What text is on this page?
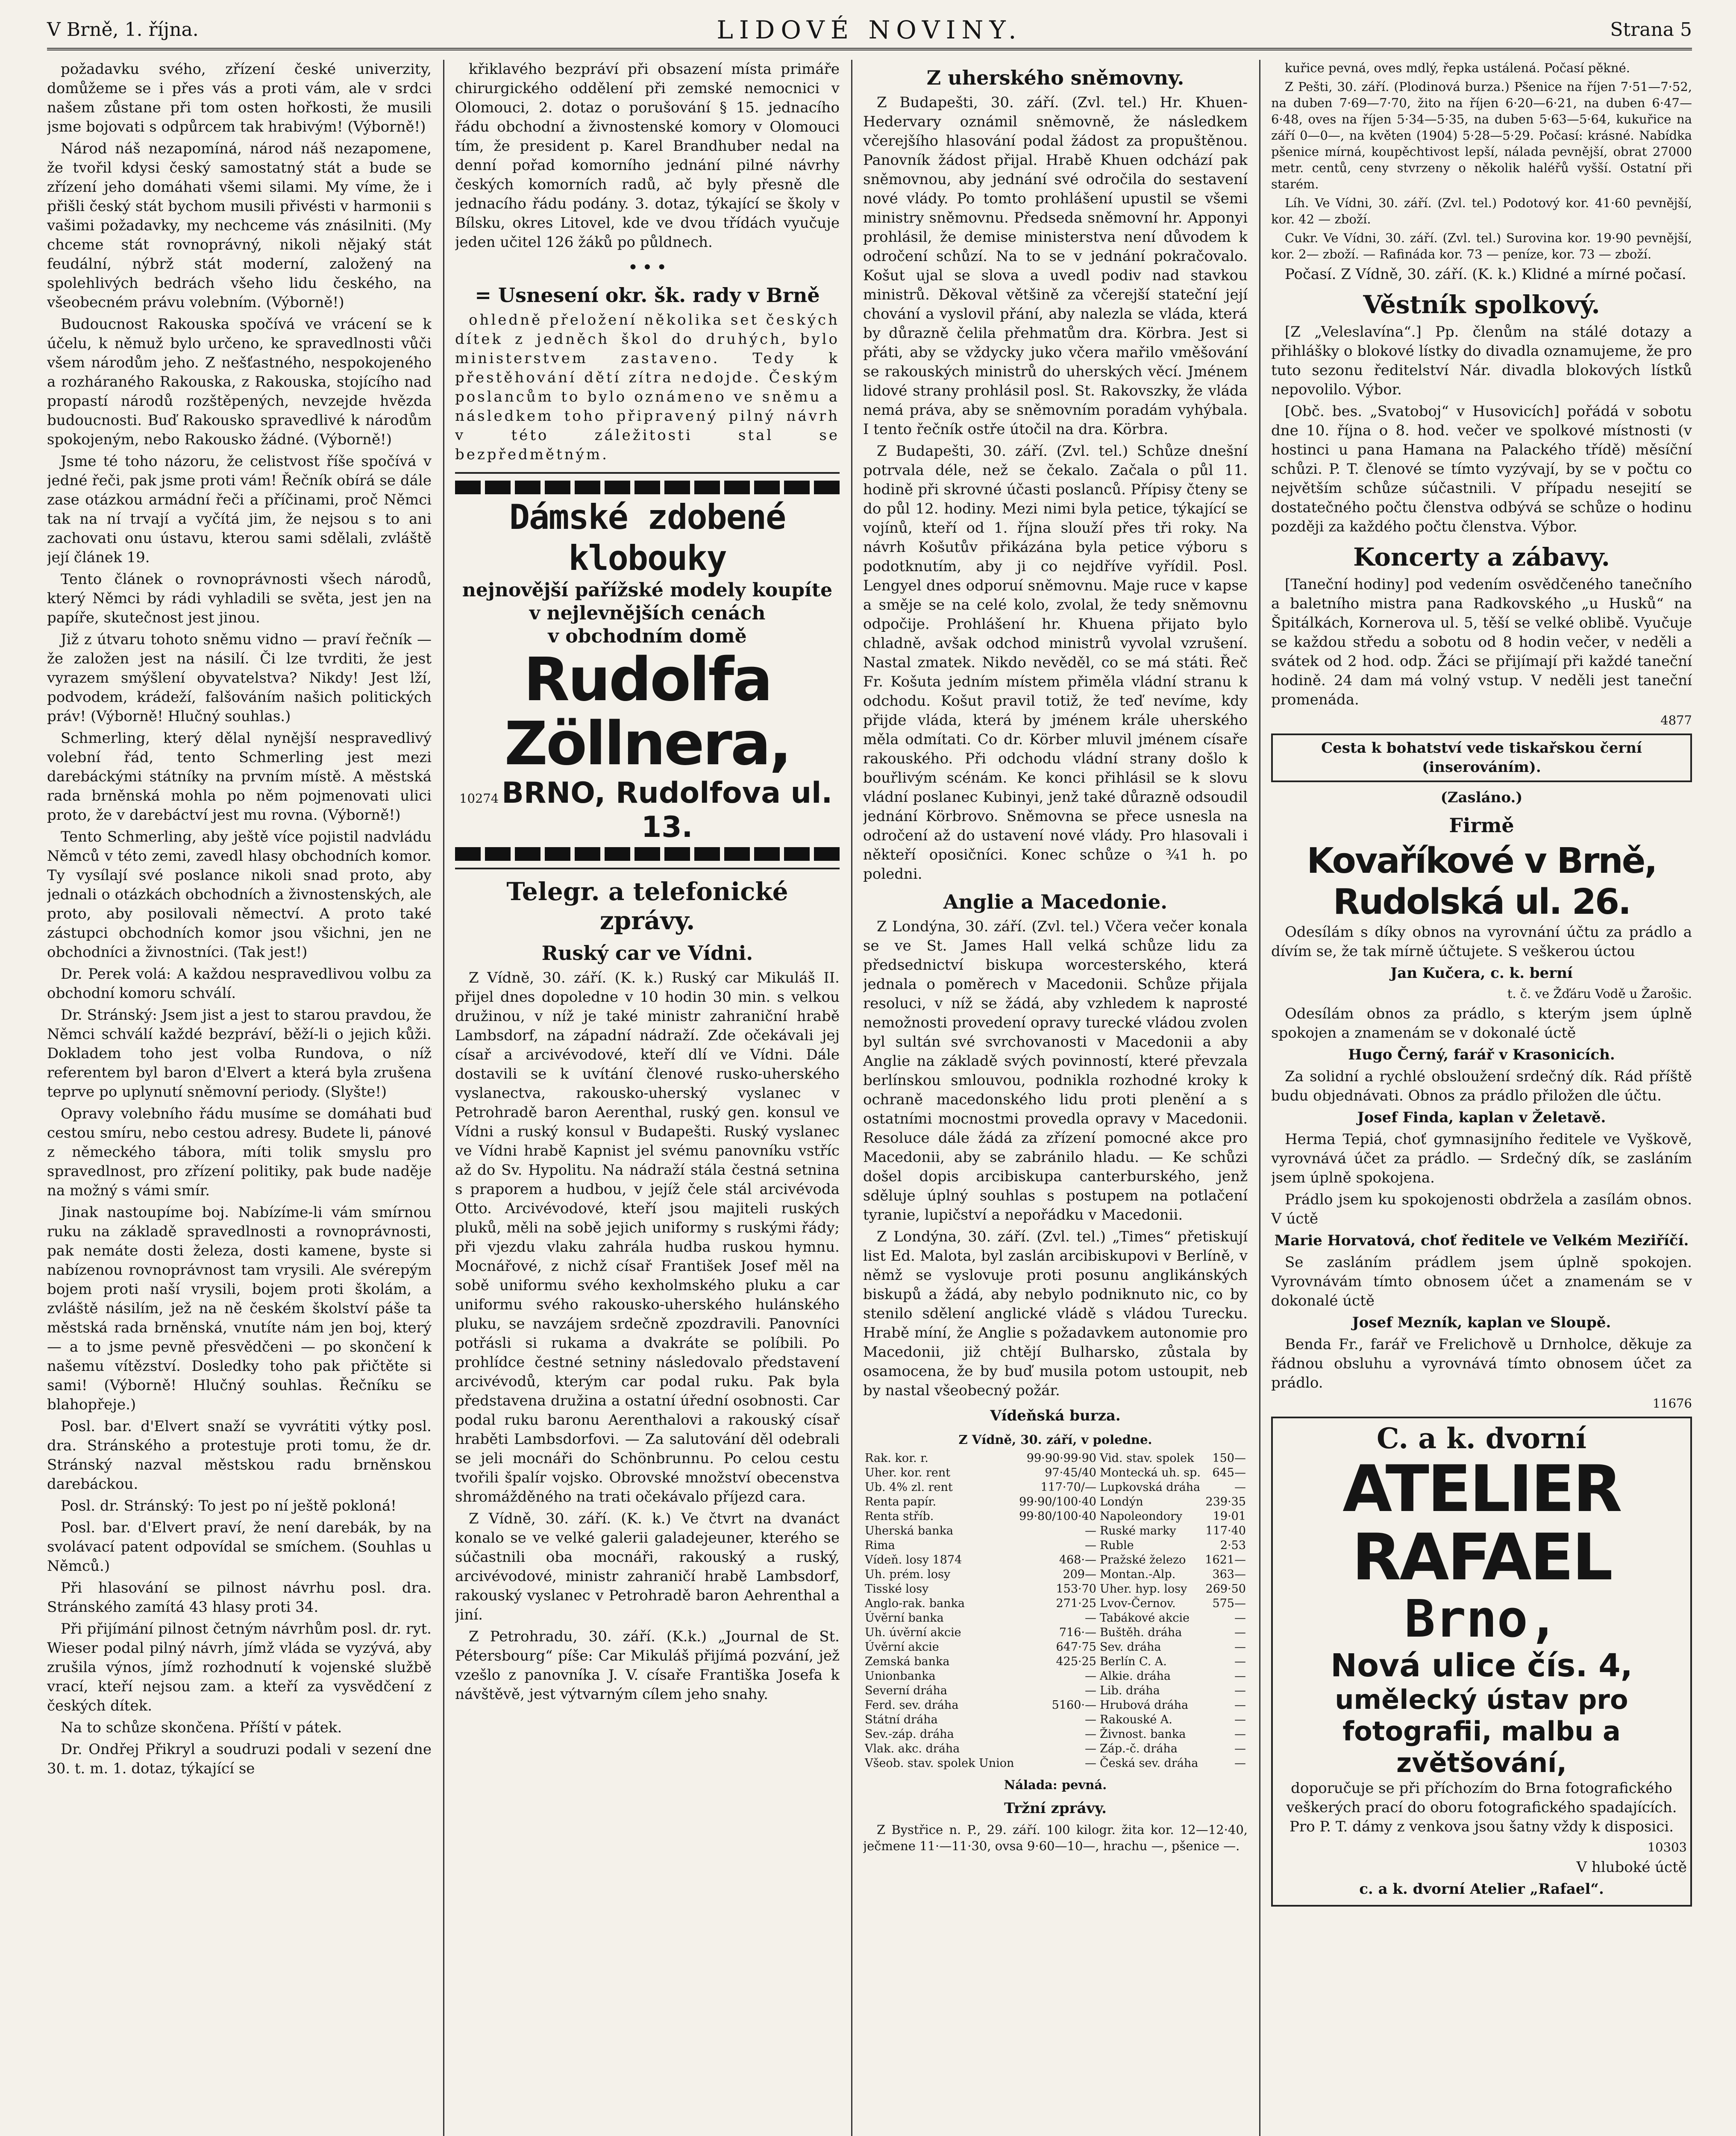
V Brně, 1. října.	LIDOVÉ NOVINY.	Strana 5

požadavku svého, zřízení české univerzity, domůžeme se i přes vás a proti vám, ale v srdci našem zůstane při tom osten hořkosti, že musili jsme bojovati s odpůrcem tak hrabivým! (Výborně!)

Národ náš nezapomíná, národ náš nezapomene, že tvořil kdysi český samostatný stát a bude se zřízení jeho domáhati všemi silami. My víme, že i přišli český stát bychom musili přivésti v harmonii s vašimi požadavky, my nechceme vás znásilniti. (My chceme stát rovnoprávný, nikoli nějaký stát feudální, nýbrž stát moderní, založený na spolehlivých bedrách všeho lidu českého, na všeobecném právu volebním. (Výborně!)

Budoucnost Rakouska spočívá ve vrácení se k účelu, k němuž bylo určeno, ke spravedlnosti vůči všem národům jeho. Z nešťastného, nespokojeného a rozháraného Rakouska, z Rakouska, stojícího nad propastí národů rozštěpených, nevzejde hvězda budoucnosti. Buď Rakousko spravedlivé k národům spokojeným, nebo Rakousko žádné. (Výborně!)

Jsme té toho názoru, že celistvost říše spočívá v jedné řeči, pak jsme proti vám! Řečník obírá se dále zase otázkou armádní řeči a příčinami, proč Němci tak na ní trvají a vyčítá jim, že nejsou s to ani zachovati onu ústavu, kterou sami sdělali, zvláště její článek 19.

Tento článek o rovnoprávnosti všech národů, který Němci by rádi vyhladili se světa, jest jen na papíře, skutečnost jest jinou.

Již z útvaru tohoto sněmu vidno — praví řečník — že založen jest na násilí. Či lze tvrditi, že jest vyrazem smýšlení obyvatelstva? Nikdy! Jest lží, podvodem, krádeží, falšováním našich politických práv! (Výborně! Hlučný souhlas.)

Schmerling, který dělal nynější nespravedlivý volební řád, tento Schmerling jest mezi darebáckými státníky na prvním místě. A městská rada brněnská mohla po něm pojmenovati ulici proto, že v darebáctví jest mu rovna. (Výborně!)

Tento Schmerling, aby ještě více pojistil nadvládu Němců v této zemi, zavedl hlasy obchodních komor. Ty vysílají své poslance nikoli snad proto, aby jednali o otázkách obchodních a živnostenských, ale proto, aby posilovali němectví. A proto také zástupci obchodních komor jsou všichni, jen ne obchodníci a živnostníci. (Tak jest!)

Dr. Perek volá: A každou nespravedlivou volbu za obchodní komoru schválí.

Dr. Stránský: Jsem jist a jest to starou pravdou, že Němci schválí každé bezpráví, běží-li o jejich kůži. Dokladem toho jest volba Rundova, o níž referentem byl baron d'Elvert a která byla zrušena teprve po uplynutí sněmovní periody. (Slyšte!)

Opravy volebního řádu musíme se domáhati buď cestou smíru, nebo cestou adresy. Budete li, pánové z německého tábora, míti tolik smyslu pro spravedlnost, pro zřízení politiky, pak bude naděje na možný s vámi smír.

Jinak nastoupíme boj. Nabízíme-li vám smírnou ruku na základě spravedlnosti a rovnoprávnosti, pak nemáte dosti železa, dosti kamene, byste si nabízenou rovnoprávnost tam vrysili. Ale svérepým bojem proti naší vrysili, bojem proti školám, a zvláště násilím, jež na ně českém školství páše ta městská rada brněnská, vnutíte nám jen boj, který — a to jsme pevně přesvědčeni — po skončení k našemu vítězství. Dosledky toho pak přičtěte si sami! (Výborně! Hlučný souhlas. Řečníku se blahopřeje.)

Posl. bar. d'Elvert snaží se vyvrátiti výtky posl. dra. Stránského a protestuje proti tomu, že dr. Stránský nazval městskou radu brněnskou darebáckou.

Posl. dr. Stránský: To jest po ní ještě pokloná!

Posl. bar. d'Elvert praví, že není darebák, by na svolávací patent odpovídal se smíchem. (Souhlas u Němců.)

Při hlasování se pilnost návrhu posl. dra. Stránského zamítá 43 hlasy proti 34.

Při přijímání pilnost četným návrhům posl. dr. ryt. Wieser podal pilný návrh, jímž vláda se vyzývá, aby zrušila výnos, jímž rozhodnutí k vojenské službě vrací, kteří nejsou zam. a kteří za vysvědčení z českých dítek.

Na to schůze skončena. Příští v pátek.

Dr. Ondřej Přikryl a soudruzi podali v sezení dne 30. t. m. 1. dotaz, týkající se

křiklavého bezpráví při obsazení místa primáře chirurgického oddělení při zemské nemocnici v Olomouci, 2. dotaz o porušování § 15. jednacího řádu obchodní a živnostenské komory v Olomouci tím, že president p. Karel Brandhuber nedal na denní pořad komorního jednání pilné návrhy českých komorních radů, ač byly přesně dle jednacího řádu podány. 3. dotaz, týkající se školy v Bílsku, okres Litovel, kde ve dvou třídách vyučuje jeden učitel 126 žáků po půldnech.

• • •

= Usnesení okr. šk. rady v Brně

ohledně přeložení několika set českých dítek z jedněch škol do druhých, bylo ministerstvem zastaveno. Tedy k přestěhování dětí zítra nedojde. Českým poslancům to bylo oznámeno ve sněmu a následkem toho připravený pilný návrh v této záležitosti stal se bezpředmětným.

Dámské zdobené klobouky
nejnovější pařížské modely koupíte v nejlevnějších cenách
v obchodním domě
Rudolfa Zöllnera,
10274 BRNO, Rudolfova ul. 13.

Telegr. a telefonické zprávy.

Ruský car ve Vídni.

Z Vídně, 30. září. (K. k.) Ruský car Mikuláš II. přijel dnes dopoledne v 10 hodin 30 min. s velkou družinou, v níž je také ministr zahraniční hrabě Lambsdorf, na západní nádraží. Zde očekávali jej císař a arcivévodové, kteří dlí ve Vídni. Dále dostavili se k uvítání členové rusko-uherského vyslanectva, rakousko-uherský vyslanec v Petrohradě baron Aerenthal, ruský gen. konsul ve Vídni a ruský konsul v Budapešti. Ruský vyslanec ve Vídni hrabě Kapnist jel svému panovníku vstříc až do Sv. Hypolitu. Na nádraží stála čestná setnina s praporem a hudbou, v jejíž čele stál arcivévoda Otto. Arcivévodové, kteří jsou majiteli ruských pluků, měli na sobě jejich uniformy s ruskými řády; při vjezdu vlaku zahrála hudba ruskou hymnu. Mocnářové, z nichž císař František Josef měl na sobě uniformu svého kexholmského pluku a car uniformu svého rakousko-uherského hulánského pluku, se navzájem srdečně zpozdravili. Panovníci potřásli si rukama a dvakráte se políbili. Po prohlídce čestné setniny následovalo představení arcivévodů, kterým car podal ruku. Pak byla představena družina a ostatní úřední osobnosti. Car podal ruku baronu Aerenthalovi a rakouský císař hraběti Lambsdorfovi. — Za salutování děl odebrali se jeli mocnáři do Schönbrunnu. Po celou cestu tvořili špalír vojsko. Obrovské množství obecenstva shromážděného na trati očekávalo příjezd cara.

Z Vídně, 30. září. (K. k.) Ve čtvrt na dvanáct konalo se ve velké galerii galadejeuner, kterého se súčastnili oba mocnáři, rakouský a ruský, arcivévodové, ministr zahraničí hrabě Lambsdorf, rakouský vyslanec v Petrohradě baron Aehrenthal a jiní.

Z Petrohradu, 30. září. (K.k.) „Journal de St. Pétersbourg“ píše: Car Mikuláš přijímá pozvání, jež vzešlo z panovníka J. V. císaře Františka Josefa k návštěvě, jest výtvarným cílem jeho snahy.

Z uherského sněmovny.

Z Budapešti, 30. září. (Zvl. tel.) Hr. Khuen-Hedervary oznámil sněmovně, že následkem včerejšího hlasování podal žádost za propuštěnou. Panovník žádost přijal. Hrabě Khuen odchází pak sněmovnou, aby jednání své odročila do sestavení nové vlády. Po tomto prohlášení upustil se všemi ministry sněmovnu. Předseda sněmovní hr. Apponyi prohlásil, že demise ministerstva není důvodem k odročení schůzí. Na to se v jednání pokračovalo. Košut ujal se slova a uvedl podiv nad stavkou ministrů. Děkoval většině za včerejší stateční její chování a vyslovil přání, aby nalezla se vláda, která by důrazně čelila přehmatům dra. Körbra. Jest si přáti, aby se vždycky juko včera mařilo vměšování se rakouských ministrů do uherských věcí. Jménem lidové strany prohlásil posl. St. Rakovszky, že vláda nemá práva, aby se sněmovním poradám vyhýbala. I tento řečník ostře útočil na dra. Körbra.

Z Budapešti, 30. září. (Zvl. tel.) Schůze dnešní potrvala déle, než se čekalo. Začala o půl 11. hodině při skrovné účasti poslanců. Přípisy čteny se do půl 12. hodiny. Mezi nimi byla petice, týkající se vojínů, kteří od 1. října slouží přes tři roky. Na návrh Košutův přikázána byla petice výboru s podotknutím, aby ji co nejdříve vyřídil. Posl. Lengyel dnes odporuí sněmovnu. Maje ruce v kapse a směje se na celé kolo, zvolal, že tedy sněmovnu odpočije. Prohlášení hr. Khuena přijato bylo chladně, avšak odchod ministrů vyvolal vzrušení. Nastal zmatek. Nikdo nevěděl, co se má státi. Řeč Fr. Košuta jedním místem přiměla vládní stranu k odchodu. Košut pravil totiž, že teď nevíme, kdy přijde vláda, která by jménem krále uherského měla odmítati. Co dr. Körber mluvil jménem císaře rakouského. Při odchodu vládní strany došlo k bouřlivým scénám. Ke konci přihlásil se k slovu vládní poslanec Kubinyi, jenž také důrazně odsoudil jednání Körbrovo. Sněmovna se přece usnesla na odročení až do ustavení nové vlády. Pro hlasovali i někteří oposičníci. Konec schůze o ¾1 h. po poledni.

Anglie a Macedonie.

Z Londýna, 30. září. (Zvl. tel.) Včera večer konala se ve St. James Hall velká schůze lidu za předsednictví biskupa worcesterského, která jednala o poměrech v Macedonii. Schůze přijala resoluci, v níž se žádá, aby vzhledem k naprosté nemožnosti provedení opravy turecké vládou zvolen byl sultán své svrchovanosti v Macedonii a aby Anglie na základě svých povinností, které převzala berlínskou smlouvou, podnikla rozhodné kroky k ochraně macedonského lidu proti plenění a s ostatními mocnostmi provedla opravy v Macedonii. Resoluce dále žádá za zřízení pomocné akce pro Macedonii, aby se zabránilo hladu. — Ke schůzi došel dopis arcibiskupa canterburského, jenž sděluje úplný souhlas s postupem na potlačení tyranie, lupičství a nepořádku v Macedonii.

Z Londýna, 30. září. (Zvl. tel.) „Times“ přetiskují list Ed. Malota, byl zaslán arcibiskupovi v Berlíně, v němž se vyslovuje proti posunu anglikánských biskupů a žádá, aby nebylo podniknuto nic, co by stenilo sdělení anglické vládě s vládou Turecku. Hrabě míní, že Anglie s požadavkem autonomie pro Macedonii, již chtějí Bulharsko, zůstala by osamocena, že by buď musila potom ustoupit, neb by nastal všeobecný požár.

Vídeňská burza.

Z Vídně, 30. září, v poledne.

Rak. kor. r.	99·90·99·90	Vid. stav. spolek	150—
Uher. kor. rent	97·45/40	Montecká uh. sp.	645—
Ub. 4% zl. rent	117·70/—	Lupkovská dráha	—
Renta papír.	99·90/100·40	Londýn	239·35
Renta stříb.	99·80/100·40	Napoleondory	19·01
Uherská banka	—	Ruské marky	117·40
Rima	—	Ruble	2·53
Vídeň. losy 1874	468·—	Pražské železo	1621—
Uh. prém. losy	209—	Montan.-Alp.	363—
Tisské losy	153·70	Uher. hyp. losy	269·50
Anglo-rak. banka	271·25	Lvov-Černov.	575—
Úvěrní banka	—	Tabákové akcie	—
Uh. úvěrní akcie	716·—	Buštěh. dráha	—
Úvěrní akcie	647·75	Sev. dráha	—
Zemská banka	425·25	Berlín C. A.	—
Unionbanka	—	Alkie. dráha	—
Severní dráha	—	Lib. dráha	—
Ferd. sev. dráha	5160·—	Hrubová dráha	—
Státní dráha	—	Rakouské A.	—
Sev.-záp. dráha	—	Živnost. banka	—
Vlak. akc. dráha	—	Záp.-č. dráha	—
Všeob. stav. spolek Union	—	Česká sev. dráha	—

Nálada: pevná.

Tržní zprávy.

Z Bystřice n. P., 29. září. 100 kilogr. žita kor. 12—12·40, ječmene 11·—11·30, ovsa 9·60—10—, hrachu —, pšenice —.

kuřice pevná, oves mdlý, řepka ustálená. Počasí pěkné.

Z Pešti, 30. září. (Plodinová burza.) Pšenice na říjen 7·51—7·52, na duben 7·69—7·70, žito na říjen 6·20—6·21, na duben 6·47—6·48, oves na říjen 5·34—5·35, na duben 5·63—5·64, kukuřice na září 0—0—, na květen (1904) 5·28—5·29. Počasí: krásné. Nabídka pšenice mírná, koupěchtivost lepší, nálada pevnější, obrat 27000 metr. centů, ceny stvrzeny o několik haléřů vyšší. Ostatní při starém.

Líh. Ve Vídni, 30. září. (Zvl. tel.) Podotový kor. 41·60 pevnější, kor. 42 — zboží.

Cukr. Ve Vídni, 30. září. (Zvl. tel.) Surovina kor. 19·90 pevnější, kor. 2— zboží. — Rafináda kor. 73 — peníze, kor. 73 — zboží.

Počasí. Z Vídně, 30. září. (K. k.) Klidné a mírné počasí.

Věstník spolkový.

[Z „Veleslavína“.] Pp. členům na stálé dotazy a přihlášky o blokové lístky do divadla oznamujeme, že pro tuto sezonu ředitelství Nár. divadla blokových lístků nepovolilo. Výbor.

[Obč. bes. „Svatoboj“ v Husovicích] pořádá v sobotu dne 10. října o 8. hod. večer ve spolkové místnosti (v hostinci u pana Hamana na Palackého třídě) měsíční schůzi. P. T. členové se tímto vyzývají, by se v počtu co největším schůze súčastnili. V případu nesejití se dostatečného počtu členstva odbývá se schůze o hodinu později za každého počtu členstva. Výbor.

Koncerty a zábavy.

[Taneční hodiny] pod vedením osvědčeného tanečního a baletního mistra pana Radkovského „u Husků“ na Špitálkách, Kornerova ul. 5, těší se velké oblibě. Vyučuje se každou středu a sobotu od 8 hodin večer, v neděli a svátek od 2 hod. odp. Žáci se přijímají při každé taneční hodině. 24 dam má volný vstup. V neděli jest taneční promenáda.

4877

Cesta k bohatství vede tiskařskou černí (inserováním).

(Zasláno.)

Firmě

Kovaříkové v Brně, Rudolská ul. 26.

Odesílám s díky obnos na vyrovnání účtu za prádlo a dívím se, že tak mírně účtujete. S veškerou úctou

Jan Kučera, c. k. berní

t. č. ve Žďáru Vodě u Žarošic.

Odesílám obnos za prádlo, s kterým jsem úplně spokojen a znamenám se v dokonalé úctě

Hugo Černý, farář v Krasonicích.

Za solidní a rychlé obsloužení srdečný dík. Rád příště budu objednávati. Obnos za prádlo přiložen dle účtu.

Josef Finda, kaplan v Želetavě.

Herma Tepiá, choť gymnasijního ředitele ve Vyškově, vyrovnává účet za prádlo. — Srdečný dík, se zasláním jsem úplně spokojena.

Prádlo jsem ku spokojenosti obdržela a zasílám obnos. V úctě

Marie Horvatová, choť ředitele ve Velkém Meziříčí.

Se zasláním prádlem jsem úplně spokojen. Vyrovnávám tímto obnosem účet a znamenám se v dokonalé úctě

Josef Mezník, kaplan ve Sloupě.

Benda Fr., farář ve Frelichově u Drnholce, děkuje za řádnou obsluhu a vyrovnává tímto obnosem účet za prádlo.

11676

C. a k. dvorní
ATELIER RAFAEL
Brno,
Nová ulice čís. 4,
umělecký ústav pro fotografii, malbu a zvětšování,

doporučuje se při příchozím do Brna fotografického veškerých prací do oboru fotografického spadajících. Pro P. T. dámy z venkova jsou šatny vždy k disposici.

10303

V hluboké úctě

c. a k. dvorní Atelier „Rafael“.
